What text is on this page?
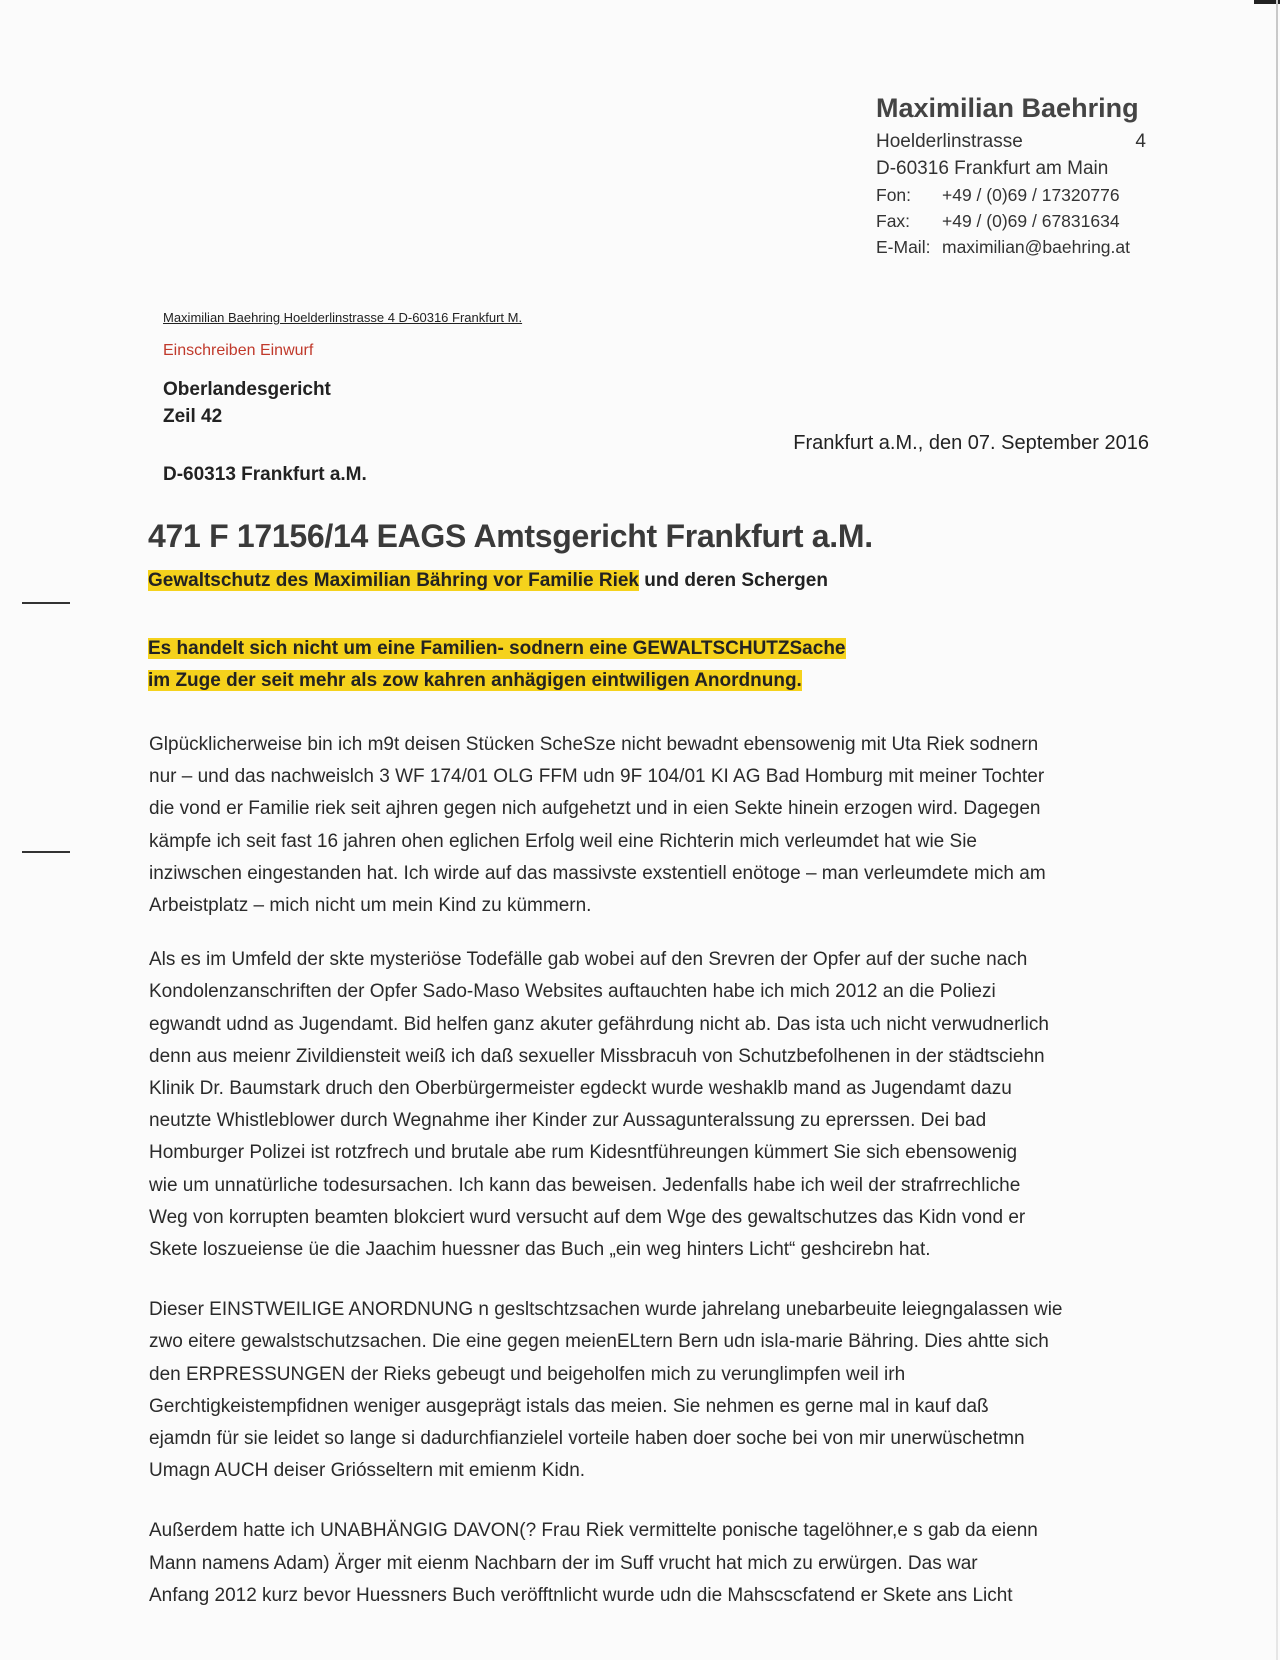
Maximilian Baehring
Hoelderlinstrasse	4
D-60316 Frankfurt am Main
Fon:	+49 / (0)69 / 17320776
Fax:	+49 / (0)69 / 67831634
E-Mail: maximilian@baehring.at
Maximilian Baehring Hoelderlinstrasse 4 D-60316 Frankfurt M.
Einschreiben Einwurf
Oberlandesgericht
Zeil 42
D-60313 Frankfurt a.M.
Frankfurt a.M., den 07. September 2016
471 F 17156/14 EAGS Amtsgericht Frankfurt a.M.
Gewaltschutz des Maximilian Bähring vor Familie Riek und deren Schergen
Es handelt sich nicht um eine Familien- sodnern eine GEWALTSCHUTZSache
im Zuge der seit mehr als zow kahren anhägigen eintwiligen Anordnung.

Glpücklicherweise bin ich m9t deisen Stücken ScheSze nicht bewadnt ebensowenig mit Uta Riek sodnern
nur – und das nachweislch 3 WF 174/01 OLG FFM udn 9F 104/01 KI AG Bad Homburg mit meiner Tochter
die vond er Familie riek seit ajhren gegen nich aufgehetzt und in eien Sekte hinein erzogen wird. Dagegen
kämpfe ich seit fast 16 jahren ohen eglichen Erfolg weil eine Richterin mich verleumdet hat wie Sie
inziwschen eingestanden hat. Ich wirde auf das massivste exstentiell enötoge – man verleumdete mich am
Arbeistplatz – mich nicht um mein Kind zu kümmern.

Als es im Umfeld der skte mysteriöse Todefälle gab wobei auf den Srevren der Opfer auf der suche nach
Kondolenzanschriften der Opfer Sado-Maso Websites auftauchten habe ich mich 2012 an die Poliezi
egwandt udnd as Jugendamt. Bid helfen ganz akuter gefährdung nicht ab. Das ista uch nicht verwudnerlich
denn aus meienr Zivildiensteit weiß ich daß sexueller Missbracuh von Schutzbefolhenen in der städtsciehn
Klinik Dr. Baumstark druch den Oberbürgermeister egdeckt wurde weshaklb mand as Jugendamt dazu
neutzte Whistleblower durch Wegnahme iher Kinder zur Aussagunteralssung zu eprerssen. Dei bad
Homburger Polizei ist rotzfrech und brutale abe rum Kidesntführeungen kümmert Sie sich ebensowenig
wie um unnatürliche todesursachen. Ich kann das beweisen. Jedenfalls habe ich weil der strafrrechliche
Weg von korrupten beamten blokciert wurd versucht auf dem Wge des gewaltschutzes das Kidn vond er
Skete loszueiense üe die Jaachim huessner das Buch „ein weg hinters Licht“ geshcirebn hat.

Dieser EINSTWEILIGE ANORDNUNG n gesltschtzsachen wurde jahrelang unebarbeuite leiegngalassen wie
zwo eitere gewalstschutzsachen. Die eine gegen meienELtern Bern udn isla-marie Bähring. Dies ahtte sich
den ERPRESSUNGEN der Rieks gebeugt und beigeholfen mich zu verunglimpfen weil irh
Gerchtigkeistempfidnen weniger ausgeprägt istals das meien. Sie nehmen es gerne mal in kauf daß
ejamdn für sie leidet so lange si dadurchfianzielel vorteile haben doer soche bei von mir unerwüschetmn
Umagn AUCH deiser Griósseltern mit emienm Kidn.

Außerdem hatte ich UNABHÄNGIG DAVON(? Frau Riek vermittelte ponische tagelöhner,e s gab da eienn
Mann namens Adam) Ärger mit eienm Nachbarn der im Suff vrucht hat mich zu erwürgen. Das war
Anfang 2012 kurz bevor Huessners Buch veröfftnlicht wurde udn die Mahscscfatend er Skete ans Licht
